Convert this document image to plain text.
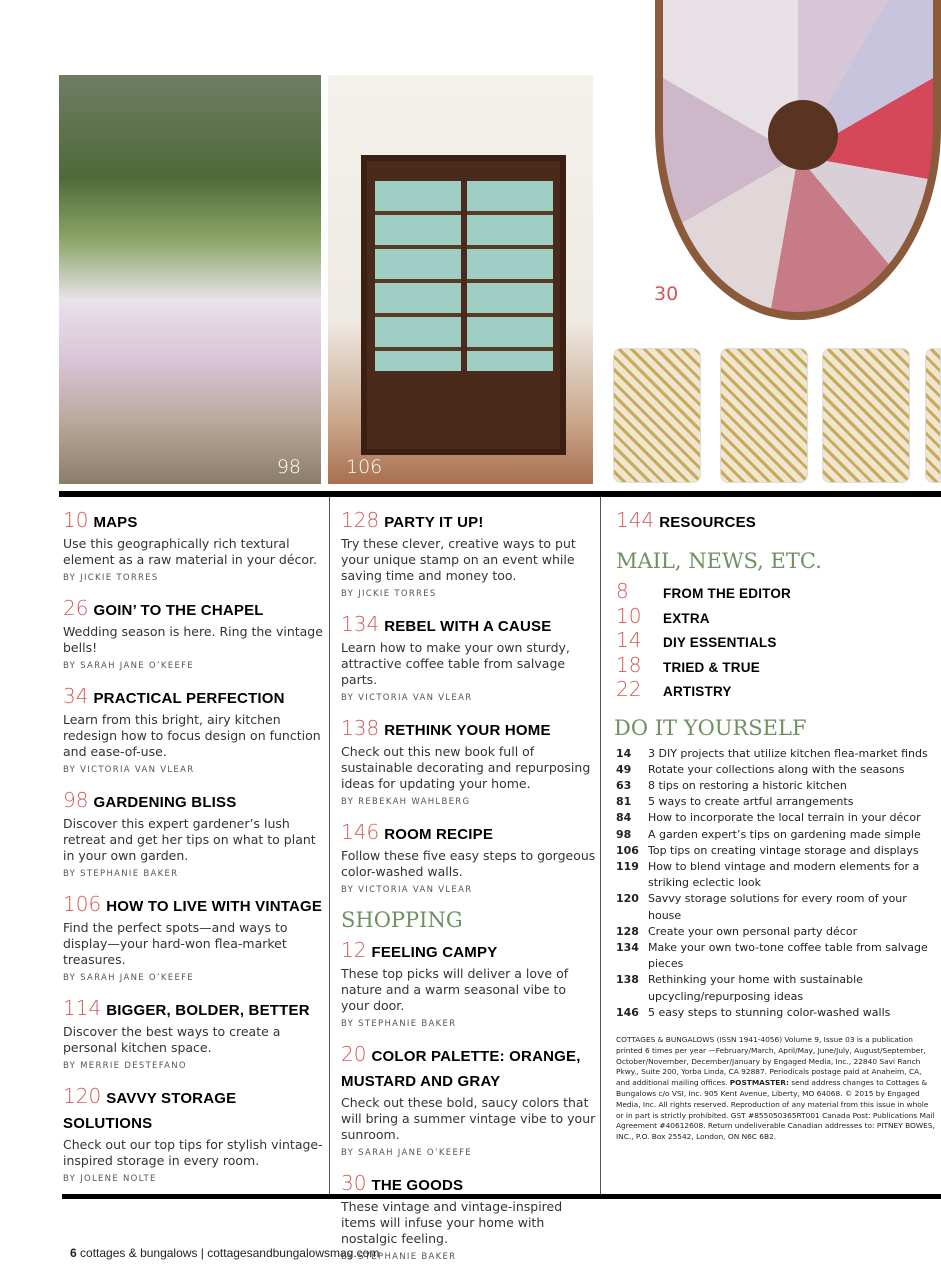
98 106
30
10 MAPS
Use this geographically rich textural element as a raw material in your décor.
BY JICKIE TORRES
26 GOIN’ TO THE CHAPEL
Wedding season is here. Ring the vintage bells!
BY SARAH JANE O’KEEFE
34 PRACTICAL PERFECTION
Learn from this bright, airy kitchen redesign how to focus design on function and ease-of-use.
BY VICTORIA VAN VLEAR
98 GARDENING BLISS
Discover this expert gardener’s lush retreat and get her tips on what to plant in your own garden.
BY STEPHANIE BAKER
106 HOW TO LIVE WITH VINTAGE
Find the perfect spots—and ways to display—your hard-won flea-market treasures.
BY SARAH JANE O’KEEFE
114 BIGGER, BOLDER, BETTER
Discover the best ways to create a personal kitchen space.
BY MERRIE DESTEFANO
120 SAVVY STORAGE SOLUTIONS
Check out our top tips for stylish vintage-inspired storage in every room.
BY JOLENE NOLTE
128 PARTY IT UP!
Try these clever, creative ways to put your unique stamp on an event while saving time and money too.
BY JICKIE TORRES
134 REBEL WITH A CAUSE
Learn how to make your own sturdy, attractive coffee table from salvage parts.
BY VICTORIA VAN VLEAR
138 RETHINK YOUR HOME
Check out this new book full of sustainable decorating and repurposing ideas for updating your home.
BY REBEKAH WAHLBERG
146 ROOM RECIPE
Follow these five easy steps to gorgeous color-washed walls.
BY VICTORIA VAN VLEAR
SHOPPING
12 FEELING CAMPY
These top picks will deliver a love of nature and a warm seasonal vibe to your door.
BY STEPHANIE BAKER
20 COLOR PALETTE: ORANGE, MUSTARD AND GRAY
Check out these bold, saucy colors that will bring a summer vintage vibe to your sunroom.
BY SARAH JANE O’KEEFE
30 THE GOODS
These vintage and vintage-inspired items will infuse your home with nostalgic feeling.
BY STEPHANIE BAKER
144 RESOURCES
MAIL, NEWS, ETC.
8	FROM THE EDITOR
10	EXTRA
14	DIY ESSENTIALS
18	TRIED & TRUE
22	ARTISTRY
DO IT YOURSELF
14	3 DIY projects that utilize kitchen flea-market finds
49	Rotate your collections along with the seasons
63	8 tips on restoring a historic kitchen
81	5 ways to create artful arrangements
84	How to incorporate the local terrain in your décor
98	A garden expert’s tips on gardening made simple
106 Top tips on creating vintage storage and displays
119 How to blend vintage and modern elements for a striking eclectic look
120 Savvy storage solutions for every room of your house
128 Create your own personal party décor
134 Make your own two-tone coffee table from salvage pieces
138 Rethinking your home with sustainable upcycling/repurposing ideas
146 5 easy steps to stunning color-washed walls
COTTAGES & BUNGALOWS (ISSN 1941-4056) Volume 9, Issue 03 is a publication printed 6 times per year —February/March, April/May, June/July, August/September, October/November, December/January by Engaged Media, Inc., 22840 Savi Ranch Pkwy., Suite 200, Yorba Linda, CA 92887. Periodicals postage paid at Anaheim, CA, and additional mailing offices. POSTMASTER: send address changes to Cottages & Bungalows c/o VSI, Inc. 905 Kent Avenue, Liberty, MO 64068. © 2015 by Engaged Media, Inc. All rights reserved. Reproduction of any material from this issue in whole or in part is strictly prohibited. GST #855050365RT001 Canada Post: Publications Mail Agreement #40612608. Return undeliverable Canadian addresses to: PITNEY BOWES, INC., P.O. Box 25542, London, ON N6C 6B2.
6 cottages & bungalows | cottagesandbungalowsmag.com
